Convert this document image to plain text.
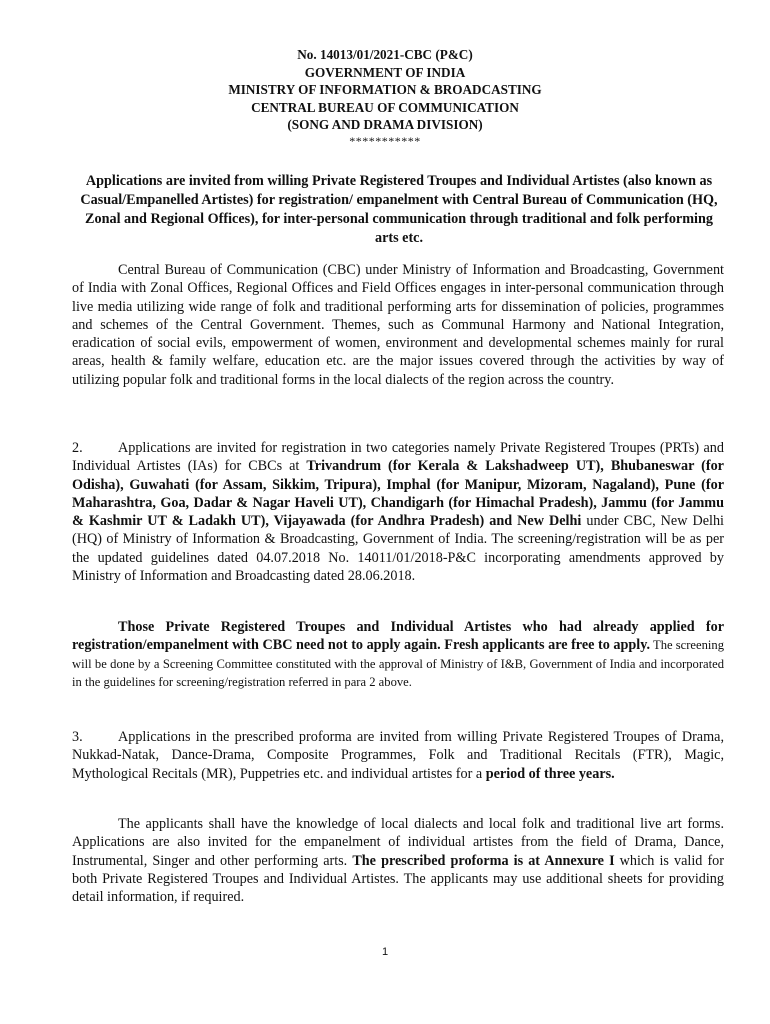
No. 14013/01/2021-CBC (P&C)
GOVERNMENT OF INDIA
MINISTRY OF INFORMATION & BROADCASTING
CENTRAL BUREAU OF COMMUNICATION
(SONG AND DRAMA DIVISION)
***********
Applications are invited from willing Private Registered Troupes and Individual Artistes (also known as Casual/Empanelled Artistes) for registration/ empanelment with Central Bureau of Communication (HQ, Zonal and Regional Offices), for inter-personal communication through traditional and folk performing arts etc.
Central Bureau of Communication (CBC) under Ministry of Information and Broadcasting, Government of India with Zonal Offices, Regional Offices and Field Offices engages in inter-personal communication through live media utilizing wide range of folk and traditional performing arts for dissemination of policies, programmes and schemes of the Central Government. Themes, such as Communal Harmony and National Integration, eradication of social evils, empowerment of women, environment and developmental schemes mainly for rural areas, health & family welfare, education etc. are the major issues covered through the activities by way of utilizing popular folk and traditional forms in the local dialects of the region across the country.
2. Applications are invited for registration in two categories namely Private Registered Troupes (PRTs) and Individual Artistes (IAs) for CBCs at Trivandrum (for Kerala & Lakshadweep UT), Bhubaneswar (for Odisha), Guwahati (for Assam, Sikkim, Tripura), Imphal (for Manipur, Mizoram, Nagaland), Pune (for Maharashtra, Goa, Dadar & Nagar Haveli UT), Chandigarh (for Himachal Pradesh), Jammu (for Jammu & Kashmir UT & Ladakh UT), Vijayawada (for Andhra Pradesh) and New Delhi under CBC, New Delhi (HQ) of Ministry of Information & Broadcasting, Government of India. The screening/registration will be as per the updated guidelines dated 04.07.2018 No. 14011/01/2018-P&C incorporating amendments approved by Ministry of Information and Broadcasting dated 28.06.2018.
Those Private Registered Troupes and Individual Artistes who had already applied for registration/empanelment with CBC need not to apply again. Fresh applicants are free to apply. The screening will be done by a Screening Committee constituted with the approval of Ministry of I&B, Government of India and incorporated in the guidelines for screening/registration referred in para 2 above.
3. Applications in the prescribed proforma are invited from willing Private Registered Troupes of Drama, Nukkad-Natak, Dance-Drama, Composite Programmes, Folk and Traditional Recitals (FTR), Magic, Mythological Recitals (MR), Puppetries etc. and individual artistes for a period of three years.
The applicants shall have the knowledge of local dialects and local folk and traditional live art forms. Applications are also invited for the empanelment of individual artistes from the field of Drama, Dance, Instrumental, Singer and other performing arts. The prescribed proforma is at Annexure I which is valid for both Private Registered Troupes and Individual Artistes. The applicants may use additional sheets for providing detail information, if required.
1
